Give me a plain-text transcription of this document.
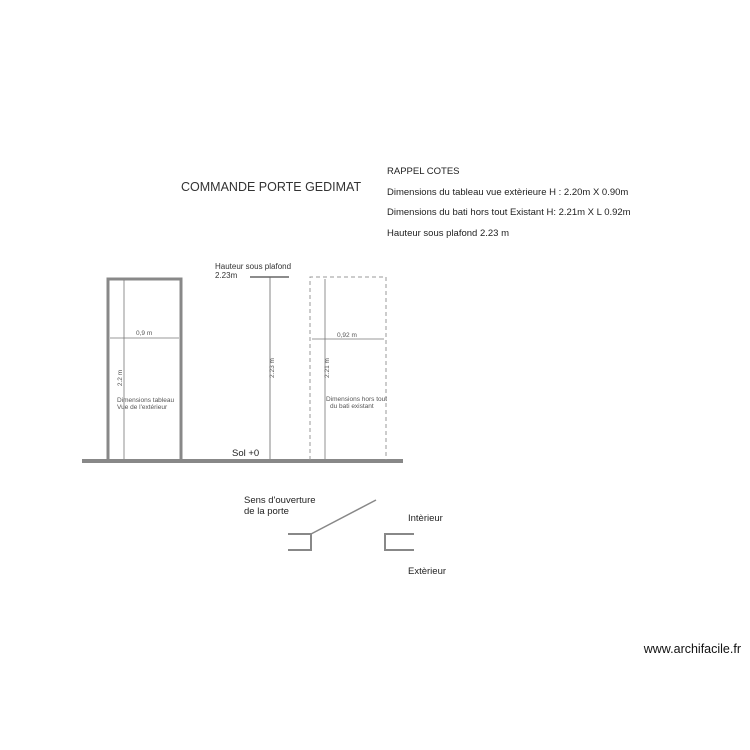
2.2 m
2.23 m	2.21 m
COMMANDE PORTE GEDIMAT
RAPPEL COTES
Dimensions du tableau vue extèrieure H : 2.20m X 0.90m
Dimensions du bati hors tout Existant H: 2.21m X L 0.92m
Hauteur sous plafond 2.23 m
Hauteur sous plafond
2.23m
0,9 m
Dimensions tableau
Vue de l'extérieur
0,92 m
Dimensions hors tout
du bati existant
Sol +0
Sens d'ouverture
de la porte
Intèrieur
Extèrieur
www.archifacile.fr
